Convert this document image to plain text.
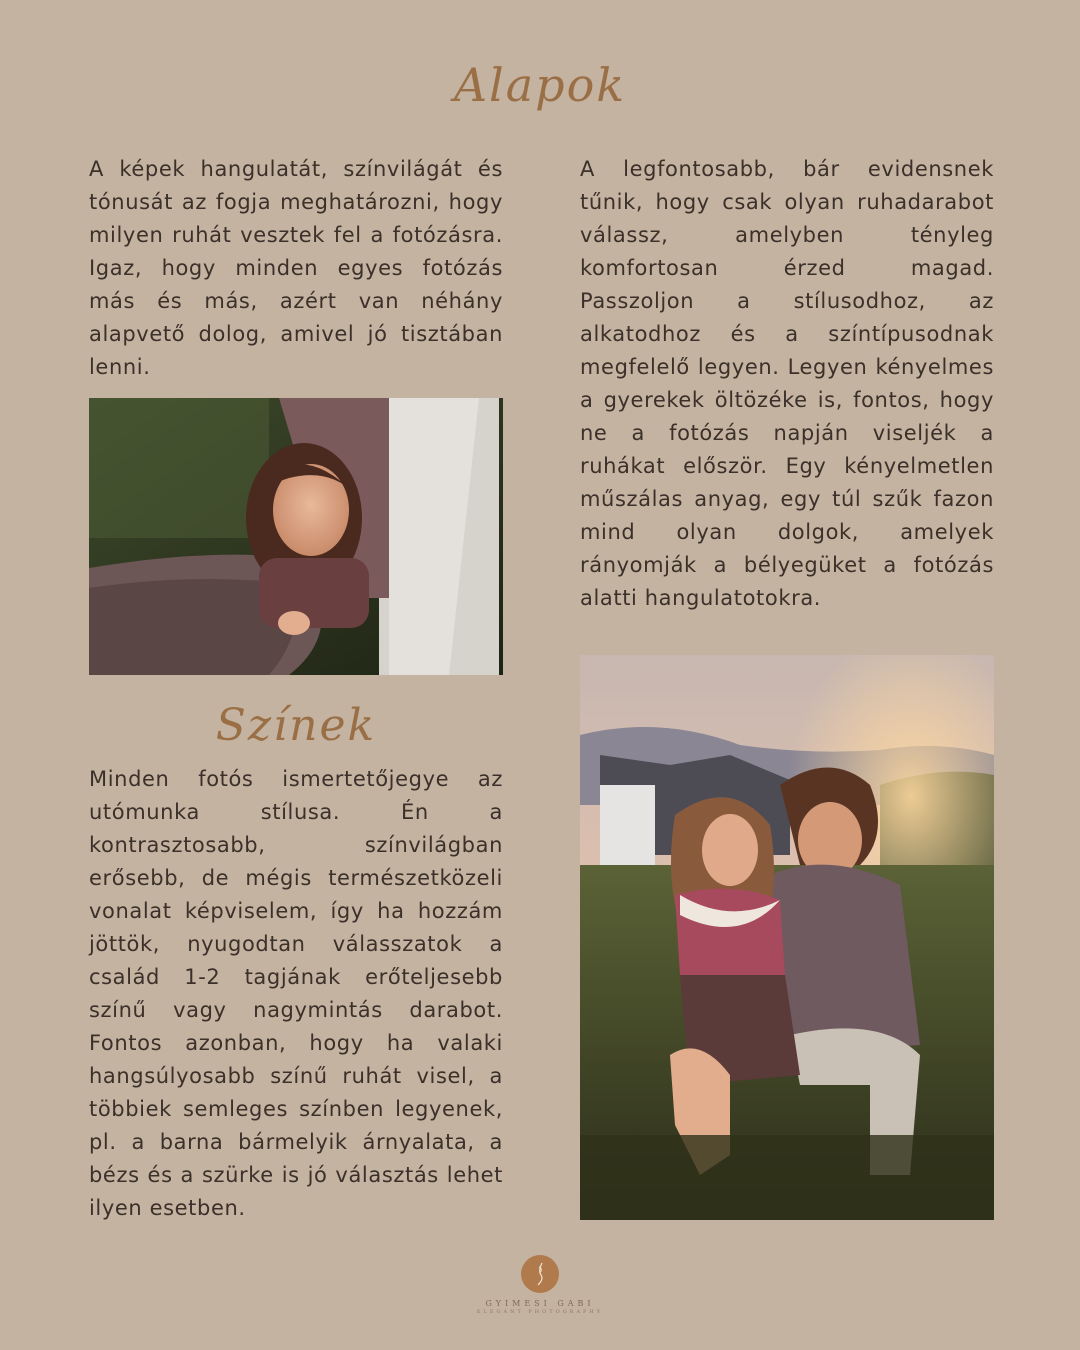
Alapok

A képek hangulatát, színvilágát és tónusát az fogja meghatározni, hogy milyen ruhát vesztek fel a fotózásra. Igaz, hogy minden egyes fotózás más és más, azért van néhány alapvető dolog, amivel jó tisztában lenni.

A legfontosabb, bár evidensnek tűnik, hogy csak olyan ruhadarabot válassz, amelyben tényleg komfortosan érzed magad. Passzoljon a stílusodhoz, az alkatodhoz és a színtípusodnak megfelelő legyen. Legyen kényelmes a gyerekek öltözéke is, fontos, hogy ne a fotózás napján viseljék a ruhákat először. Egy kényelmetlen műszálas anyag, egy túl szűk fazon mind olyan dolgok, amelyek rányomják a bélyegüket a fotózás alatti hangulatotokra.

Színek

Minden fotós ismertetőjegye az utómunka stílusa. Én a kontrasztosabb, színvilágban erősebb, de mégis természetközeli vonalat képviselem, így ha hozzám jöttök, nyugodtan válasszatok a család 1-2 tagjának erőteljesebb színű vagy nagymintás darabot. Fontos azonban, hogy ha valaki hangsúlyosabb színű ruhát visel, a többiek semleges színben legyenek, pl. a barna bármelyik árnyalata, a bézs és a szürke is jó választás lehet ilyen esetben.

GYIMESI GABI
ELEGANT PHOTOGRAPHY
